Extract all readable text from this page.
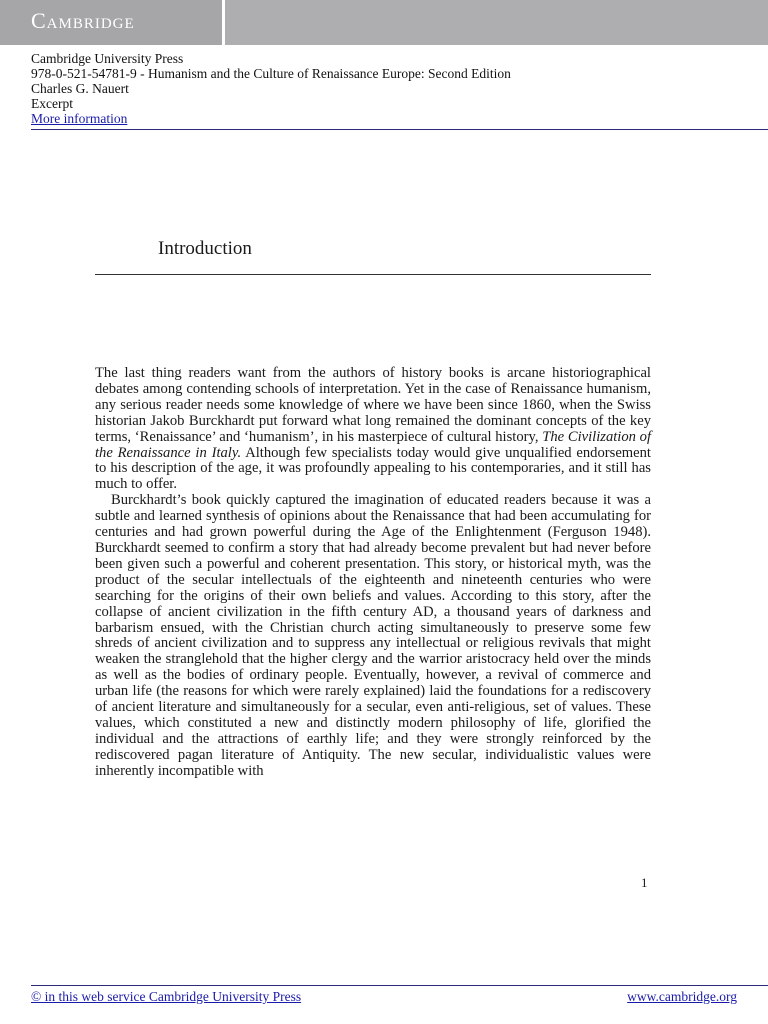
Cambridge
Cambridge University Press
978-0-521-54781-9 - Humanism and the Culture of Renaissance Europe: Second Edition
Charles G. Nauert
Excerpt
More information
Introduction

The last thing readers want from the authors of history books is arcane historiographical debates among contending schools of interpretation. Yet in the case of Renaissance humanism, any serious reader needs some knowledge of where we have been since 1860, when the Swiss historian Jakob Burckhardt put forward what long remained the dominant concepts of the key terms, ‘Renaissance’ and ‘humanism’, in his masterpiece of cultural history, The Civilization of the Renaissance in Italy. Although few specialists today would give unqualified endorsement to his description of the age, it was profoundly appealing to his contemporaries, and it still has much to offer.

Burckhardt’s book quickly captured the imagination of educated readers because it was a subtle and learned synthesis of opinions about the Renaissance that had been accumulating for centuries and had grown powerful during the Age of the Enlightenment (Ferguson 1948). Burckhardt seemed to confirm a story that had already become prevalent but had never before been given such a powerful and coherent presentation. This story, or historical myth, was the product of the secular intellectuals of the eighteenth and nineteenth centuries who were searching for the origins of their own beliefs and values. According to this story, after the collapse of ancient civilization in the fifth century AD, a thousand years of darkness and barbarism ensued, with the Christian church acting simultaneously to preserve some few shreds of ancient civilization and to suppress any intellectual or religious revivals that might weaken the stranglehold that the higher clergy and the warrior aristocracy held over the minds as well as the bodies of ordinary people. Eventually, however, a revival of commerce and urban life (the reasons for which were rarely explained) laid the foundations for a rediscovery of ancient literature and simultaneously for a secular, even anti-religious, set of values. These values, which constituted a new and distinctly modern philosophy of life, glorified the individual and the attractions of earthly life; and they were strongly reinforced by the rediscovered pagan literature of Antiquity. The new secular, individualistic values were inherently incompatible with

1
© in this web service Cambridge University Press	www.cambridge.org
